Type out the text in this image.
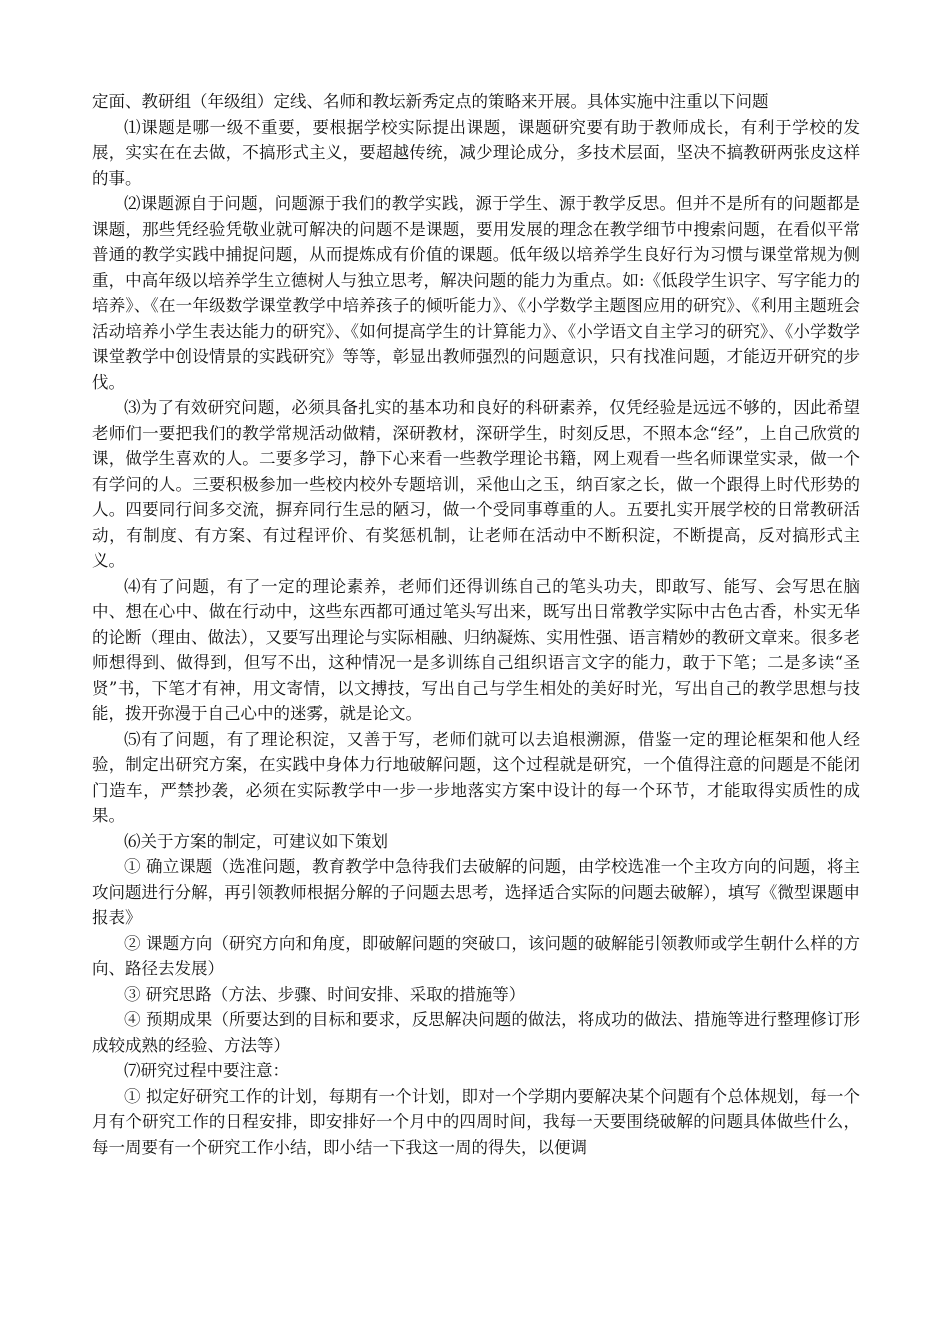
定面、教研组（年级组）定线、名师和教坛新秀定点的策略来开展。具体实施中注重以下问题

⑴课题是哪一级不重要，要根据学校实际提出课题，课题研究要有助于教师成长，有利于学校的发展，实实在在去做，不搞形式主义，要超越传统，减少理论成分，多技术层面，坚决不搞教研两张皮这样的事。

⑵课题源自于问题，问题源于我们的教学实践，源于学生、源于教学反思。但并不是所有的问题都是课题，那些凭经验凭敬业就可解决的问题不是课题，要用发展的理念在教学细节中搜索问题，在看似平常普通的教学实践中捕捉问题，从而提炼成有价值的课题。低年级以培养学生良好行为习惯与课堂常规为侧重，中高年级以培养学生立德树人与独立思考，解决问题的能力为重点。如:《低段学生识字、写字能力的培养》、《在一年级数学课堂教学中培养孩子的倾听能力》、《小学数学主题图应用的研究》、《利用主题班会活动培养小学生表达能力的研究》、《如何提高学生的计算能力》、《小学语文自主学习的研究》、《小学数学课堂教学中创设情景的实践研究》等等，彰显出教师强烈的问题意识，只有找准问题，才能迈开研究的步伐。

⑶为了有效研究问题，必须具备扎实的基本功和良好的科研素养，仅凭经验是远远不够的，因此希望老师们一要把我们的教学常规活动做精，深研教材，深研学生，时刻反思，不照本念“经”，上自己欣赏的课，做学生喜欢的人。二要多学习，静下心来看一些教学理论书籍，网上观看一些名师课堂实录，做一个有学问的人。三要积极参加一些校内校外专题培训，采他山之玉，纳百家之长，做一个跟得上时代形势的人。四要同行间多交流，摒弃同行生忌的陋习，做一个受同事尊重的人。五要扎实开展学校的日常教研活动，有制度、有方案、有过程评价、有奖惩机制，让老师在活动中不断积淀，不断提高，反对搞形式主义。

⑷有了问题，有了一定的理论素养，老师们还得训练自己的笔头功夫，即敢写、能写、会写思在脑中、想在心中、做在行动中，这些东西都可通过笔头写出来，既写出日常教学实际中古色古香，朴实无华的论断（理由、做法），又要写出理论与实际相融、归纳凝炼、实用性强、语言精妙的教研文章来。很多老师想得到、做得到，但写不出，这种情况一是多训练自己组织语言文字的能力，敢于下笔；二是多读“圣贤”书，下笔才有神，用文寄情，以文搏技，写出自己与学生相处的美好时光，写出自己的教学思想与技能，拨开弥漫于自己心中的迷雾，就是论文。

⑸有了问题，有了理论积淀，又善于写，老师们就可以去追根溯源，借鉴一定的理论框架和他人经验，制定出研究方案，在实践中身体力行地破解问题，这个过程就是研究，一个值得注意的问题是不能闭门造车，严禁抄袭，必须在实际教学中一步一步地落实方案中设计的每一个环节，才能取得实质性的成果。

⑹关于方案的制定，可建议如下策划

① 确立课题（选准问题，教育教学中急待我们去破解的问题，由学校选准一个主攻方向的问题，将主攻问题进行分解，再引领教师根据分解的子问题去思考，选择适合实际的问题去破解），填写《微型课题申报表》

② 课题方向（研究方向和角度，即破解问题的突破口，该问题的破解能引领教师或学生朝什么样的方向、路径去发展）

③ 研究思路（方法、步骤、时间安排、采取的措施等）

④ 预期成果（所要达到的目标和要求，反思解决问题的做法，将成功的做法、措施等进行整理修订形成较成熟的经验、方法等）

⑺研究过程中要注意：

① 拟定好研究工作的计划，每期有一个计划，即对一个学期内要解决某个问题有个总体规划，每一个月有个研究工作的日程安排，即安排好一个月中的四周时间，我每一天要围绕破解的问题具体做些什么，每一周要有一个研究工作小结，即小结一下我这一周的得失，以便调
